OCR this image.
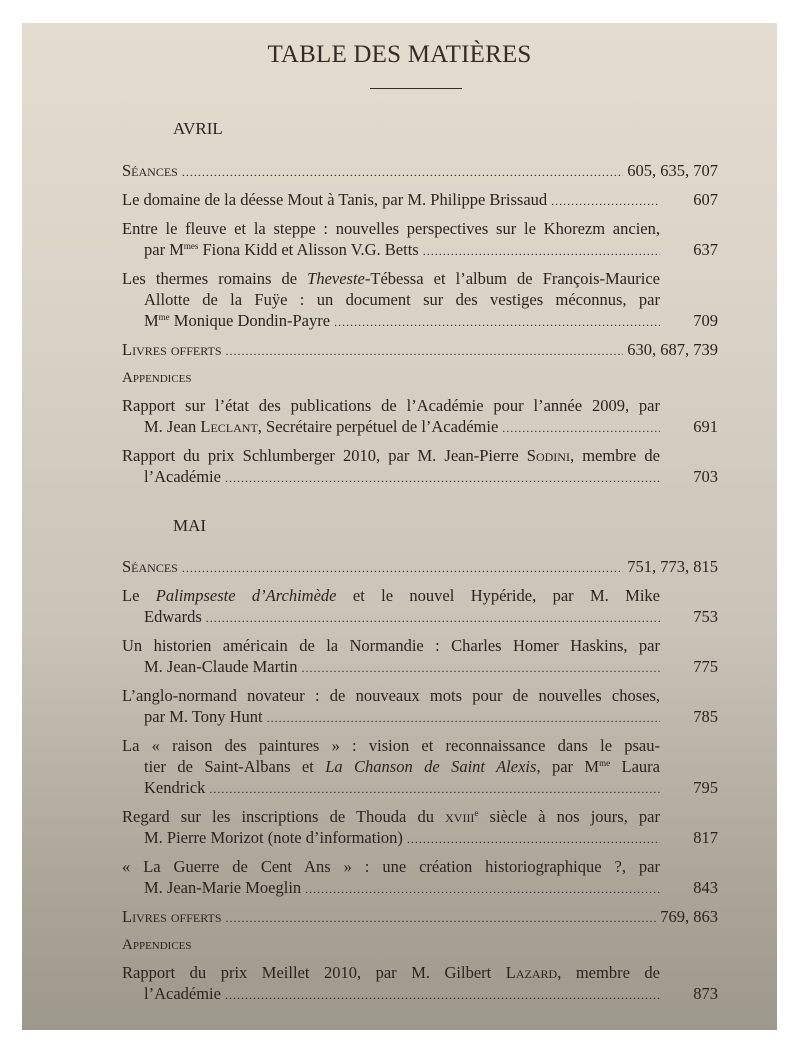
TABLE DES MATIÈRES
AVRIL
Séances .....	605, 635, 707
Le domaine de la déesse Mout à Tanis, par M. Philippe Brissaud .....	607
Entre le fleuve et la steppe : nouvelles perspectives sur le Khorezm ancien,
par $M^{mes}$ Fiona Kidd et Alisson V.G. Betts .....	637
Les thermes romains de Theveste-Tébessa et l’album de François-Maurice
Allotte de la Fuÿe : un document sur des vestiges méconnus, par
$M^{me}$ Monique Dondin-Payre .....	709
Livres offerts .....	630, 687, 739
Appendices
Rapport sur l’état des publications de l’Académie pour l’année 2009, par
M. Jean Leclant, Secrétaire perpétuel de l’Académie .....	691
Rapport du prix Schlumberger 2010, par M. Jean-Pierre Sodini, membre de
l’Académie .....	703
MAI
Séances .....	751, 773, 815
Le Palimpseste d’Archimède et le nouvel Hypéride, par M. Mike
Edwards .....	753
Un historien américain de la Normandie : Charles Homer Haskins, par
M. Jean-Claude Martin .....	775
L’anglo-normand novateur : de nouveaux mots pour de nouvelles choses,
par M. Tony Hunt .....	785
La « raison des paintures » : vision et reconnaissance dans le psau-
tier de Saint-Albans et La Chanson de Saint Alexis, par $M^{me}$ Laura
Kendrick .....	795
Regard sur les inscriptions de Thouda du xviii$^e$ siècle à nos jours, par
M. Pierre Morizot (note d’information) .....	817
« La Guerre de Cent Ans » : une création historiographique ?, par
M. Jean-Marie Moeglin .....	843
Livres offerts .....	769, 863
Appendices
Rapport du prix Meillet 2010, par M. Gilbert Lazard, membre de
l’Académie .....	873
